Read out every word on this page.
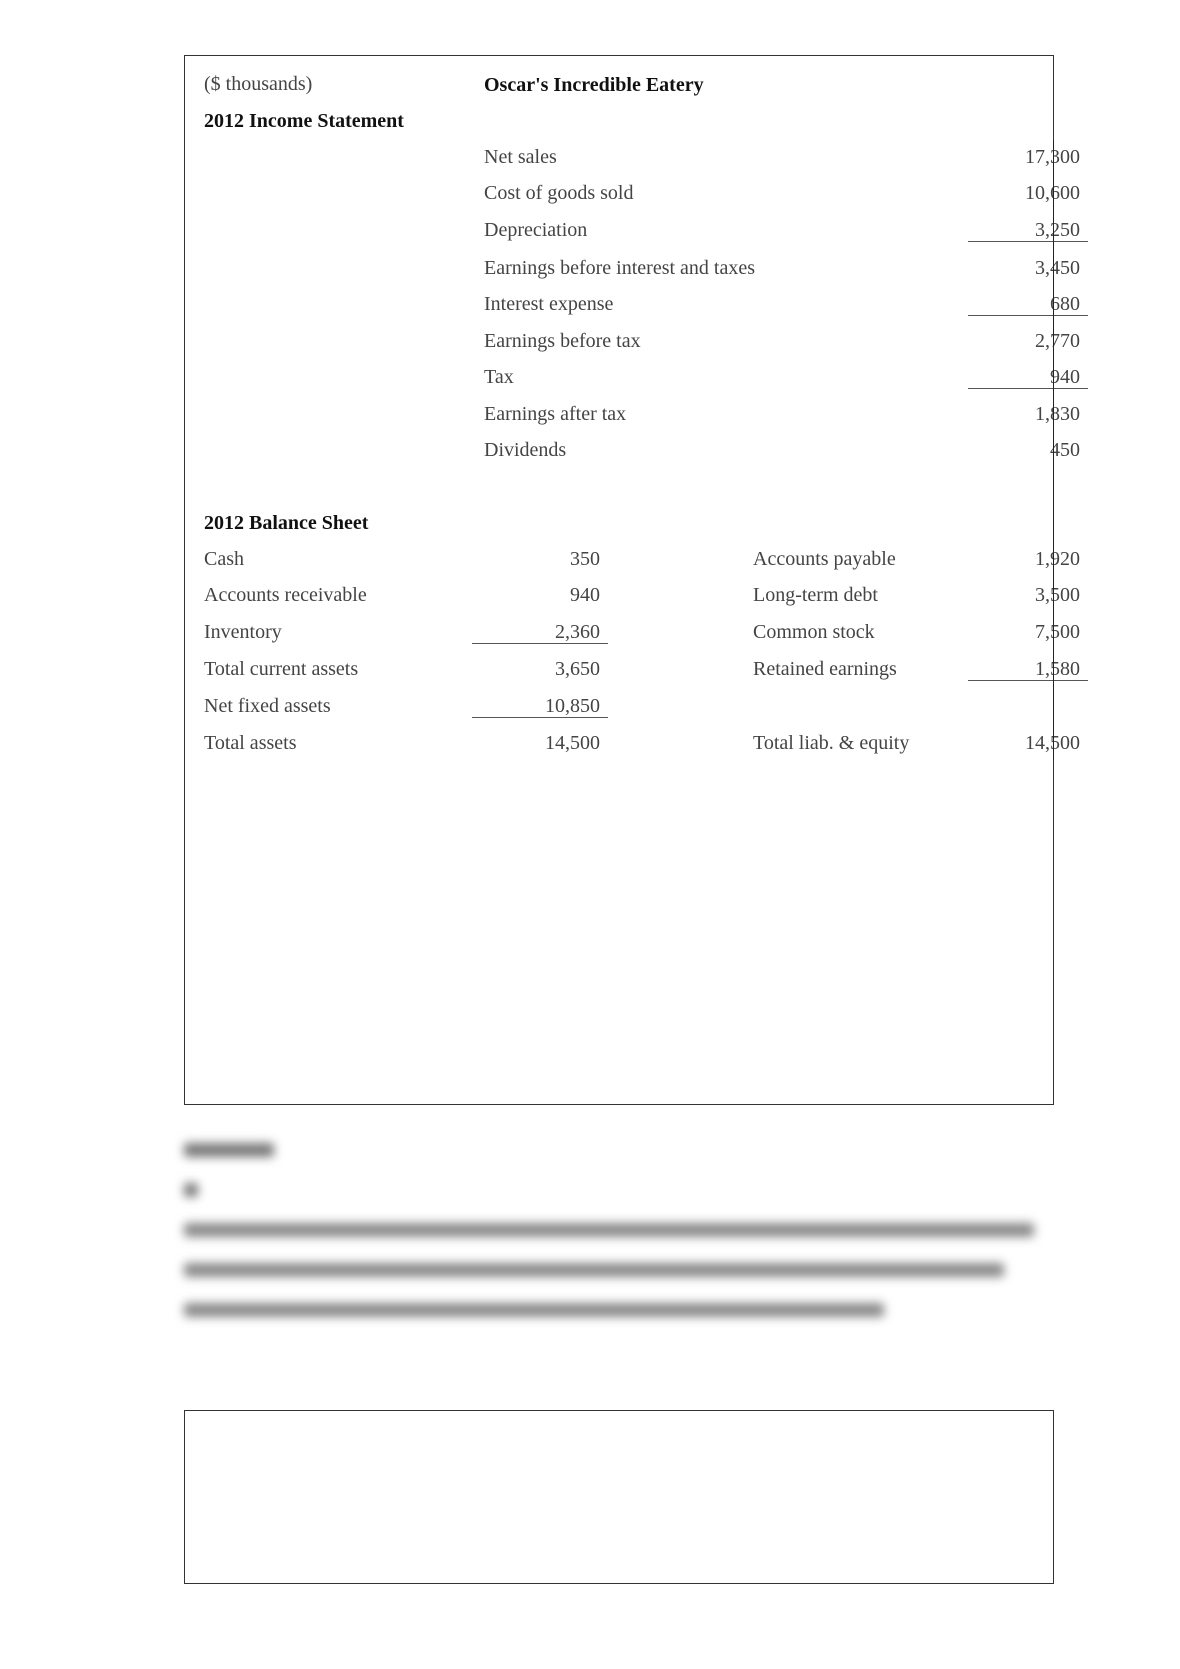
($ thousands)	Oscar's Incredible Eatery
2012 Income Statement
Net sales	17,300
Cost of goods sold	10,600
Depreciation	3,250
Earnings before interest and taxes	3,450
Interest expense	680
Earnings before tax	2,770
Tax	940
Earnings after tax	1,830
Dividends	450
2012 Balance Sheet
Cash	350	Accounts payable	1,920
Accounts receivable	940	Long-term debt	3,500
Inventory	2,360	Common stock	7,500
Total current assets	3,650	Retained earnings	1,580
Net fixed assets	10,850
Total assets	14,500	Total liab. & equity	14,500
